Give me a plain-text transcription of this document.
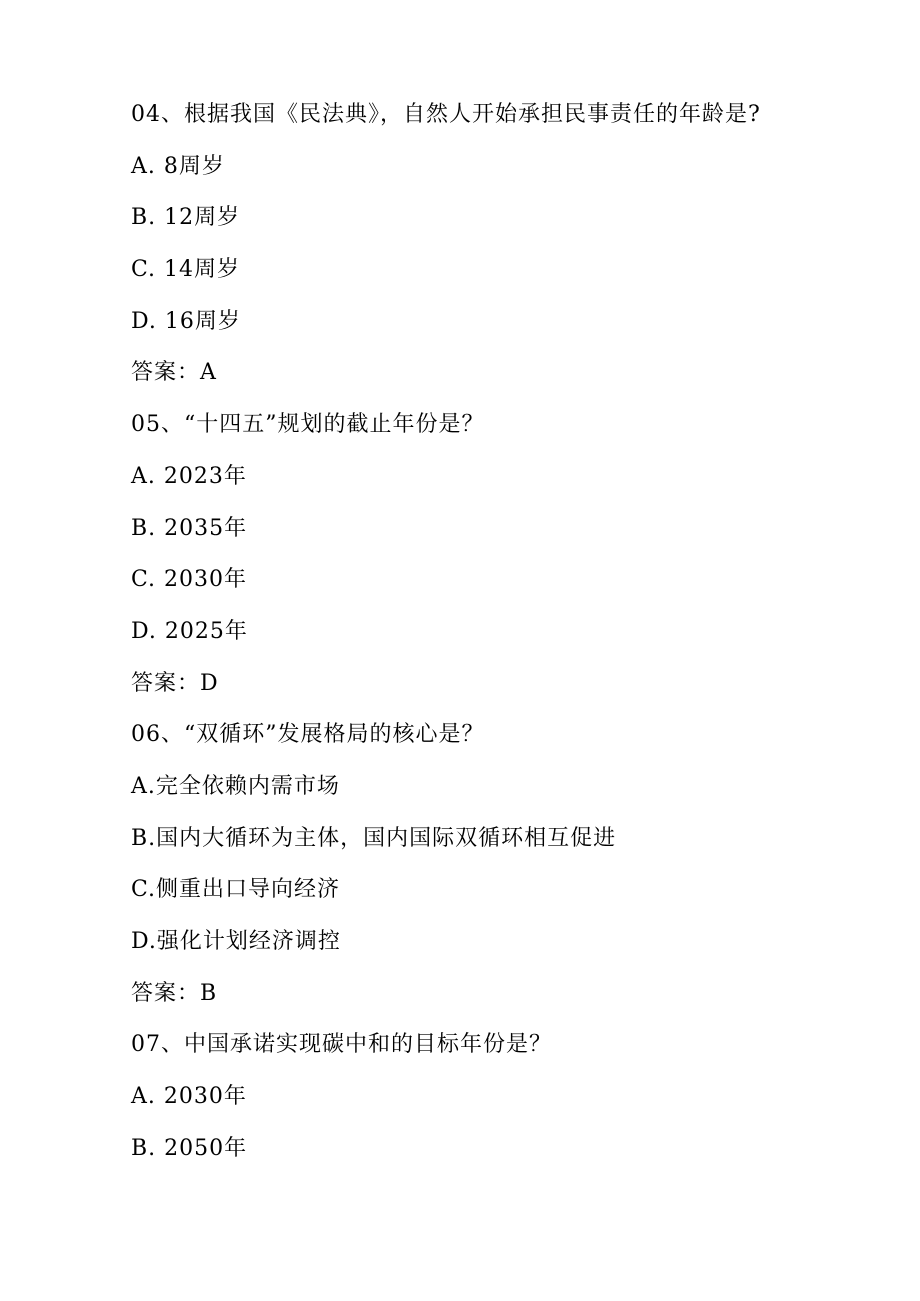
04、根据我国《民法典》，自然人开始承担民事责任的年龄是?
A. 8周岁
B. 12周岁
C. 14周岁
D. 16周岁
答案：A
05、“十四五”规划的截止年份是？
A. 2023年
B. 2035年
C. 2030年
D. 2025年
答案：D
06、“双循环”发展格局的核心是？
A.完全依赖内需市场
B.国内大循环为主体，国内国际双循环相互促进
C.侧重出口导向经济
D.强化计划经济调控
答案：B
07、中国承诺实现碳中和的目标年份是？
A. 2030年
B. 2050年
